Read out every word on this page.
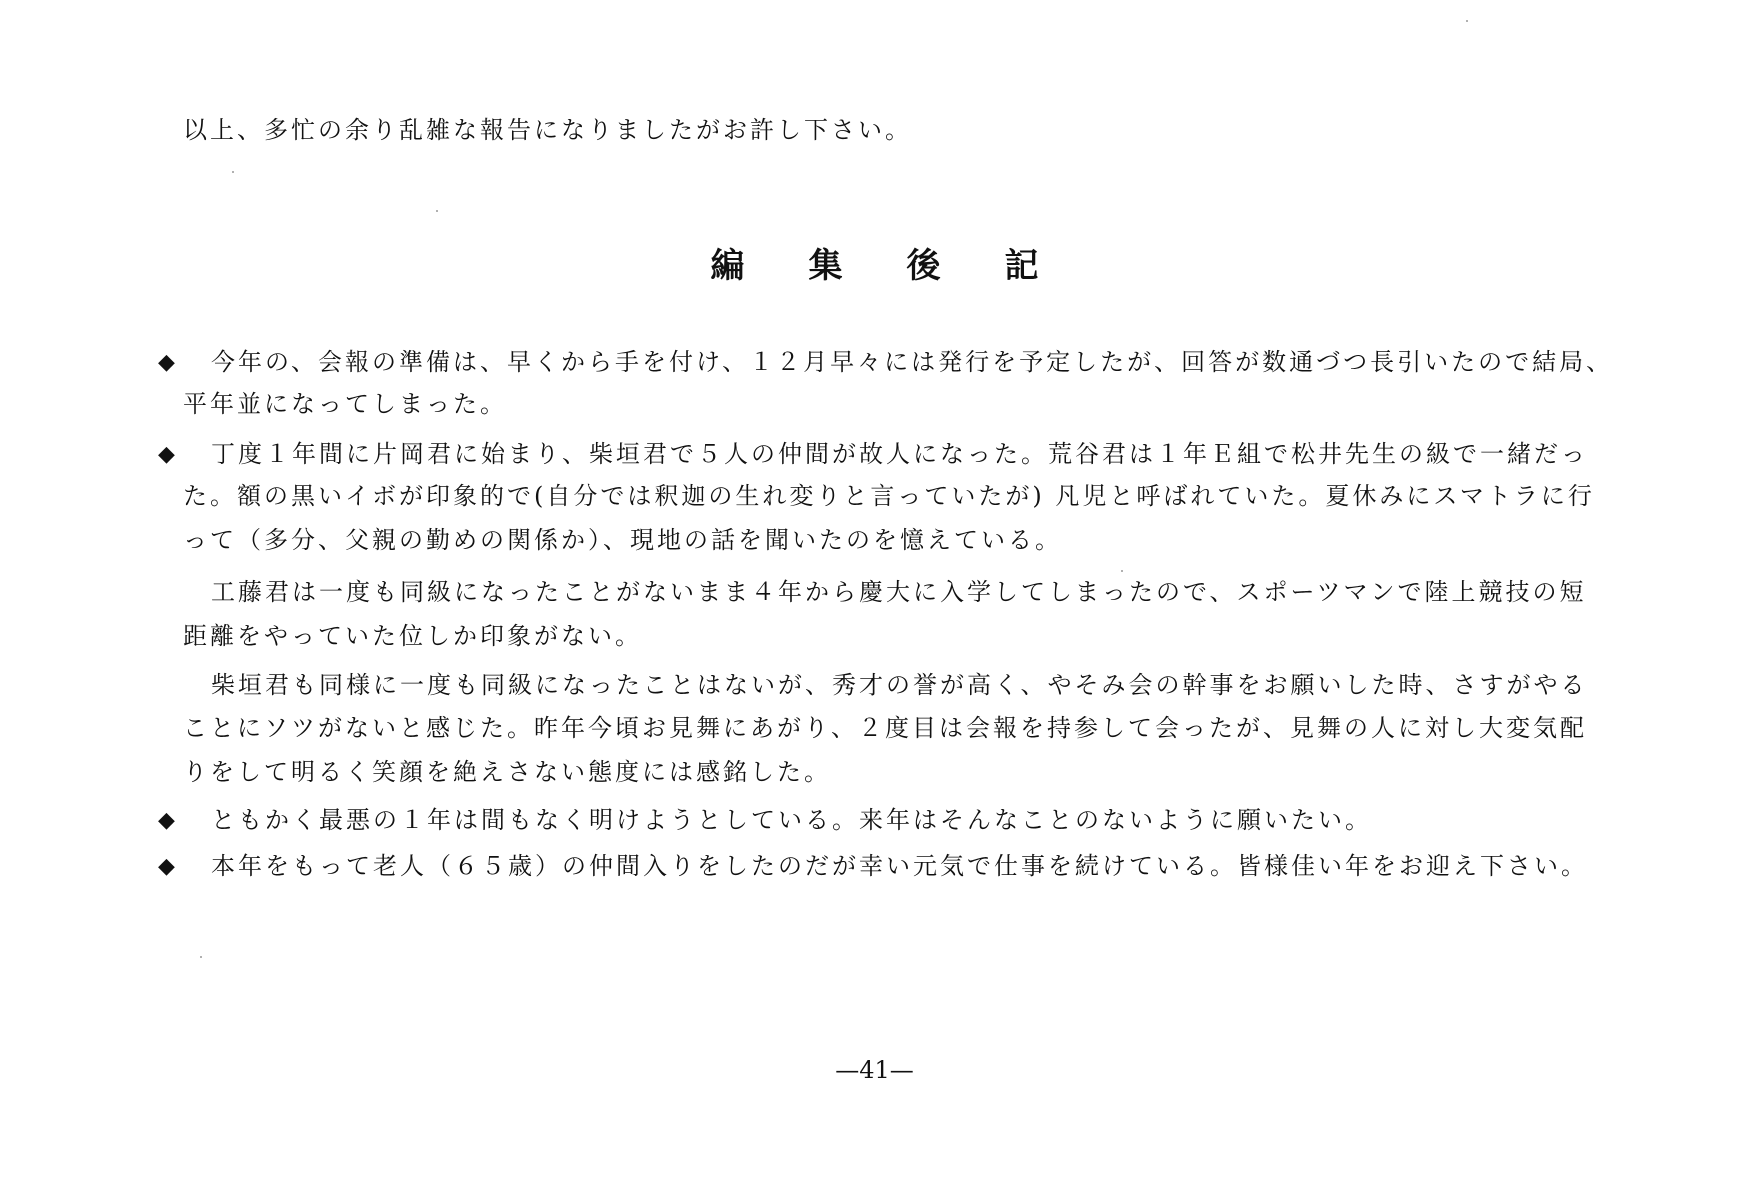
以上、多忙の余り乱雑な報告になりましたがお許し下さい。
編集後記
◆ 今年の、会報の準備は、早くから手を付け、１２月早々には発行を予定したが、回答が数通づつ長引いたので結局、
平年並になってしまった。
◆ 丁度１年間に片岡君に始まり、柴垣君で５人の仲間が故人になった。荒谷君は１年Ｅ組で松井先生の級で一緒だっ
た。額の黒いイボが印象的で(自分では釈迦の生れ変りと言っていたが) 凡児と呼ばれていた。夏休みにスマトラに行
って（多分、父親の勤めの関係か）、現地の話を聞いたのを憶えている。
工藤君は一度も同級になったことがないまま４年から慶大に入学してしまったので、スポーツマンで陸上競技の短
距離をやっていた位しか印象がない。
柴垣君も同様に一度も同級になったことはないが、秀才の誉が高く、やそみ会の幹事をお願いした時、さすがやる
ことにソツがないと感じた。昨年今頃お見舞にあがり、２度目は会報を持参して会ったが、見舞の人に対し大変気配
りをして明るく笑顔を絶えさない態度には感銘した。
◆ ともかく最悪の１年は間もなく明けようとしている。来年はそんなことのないように願いたい。
◆ 本年をもって老人（６５歳）の仲間入りをしたのだが幸い元気で仕事を続けている。皆様佳い年をお迎え下さい。
—41—
